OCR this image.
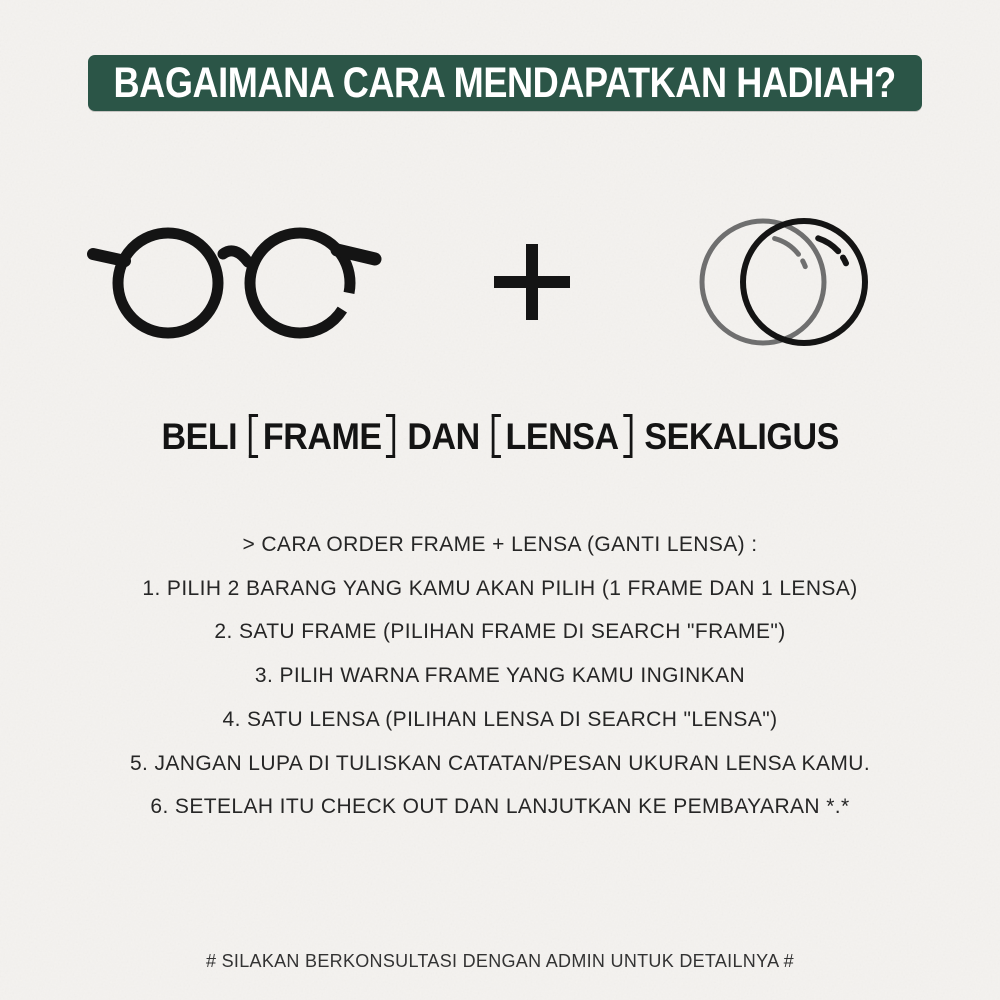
BAGAIMANA CARA MENDAPATKAN HADIAH?
BELI FRAME DAN LENSA SEKALIGUS
> CARA ORDER FRAME + LENSA (GANTI LENSA) :
1. PILIH 2 BARANG YANG KAMU AKAN PILIH (1 FRAME DAN 1 LENSA)
2. SATU FRAME (PILIHAN FRAME DI SEARCH "FRAME")
3. PILIH WARNA FRAME YANG KAMU INGINKAN
4. SATU LENSA (PILIHAN LENSA DI SEARCH "LENSA")
5. JANGAN LUPA DI TULISKAN CATATAN/PESAN UKURAN LENSA KAMU.
6. SETELAH ITU CHECK OUT DAN LANJUTKAN KE PEMBAYARAN *.*
# SILAKAN BERKONSULTASI DENGAN ADMIN UNTUK DETAILNYA #
